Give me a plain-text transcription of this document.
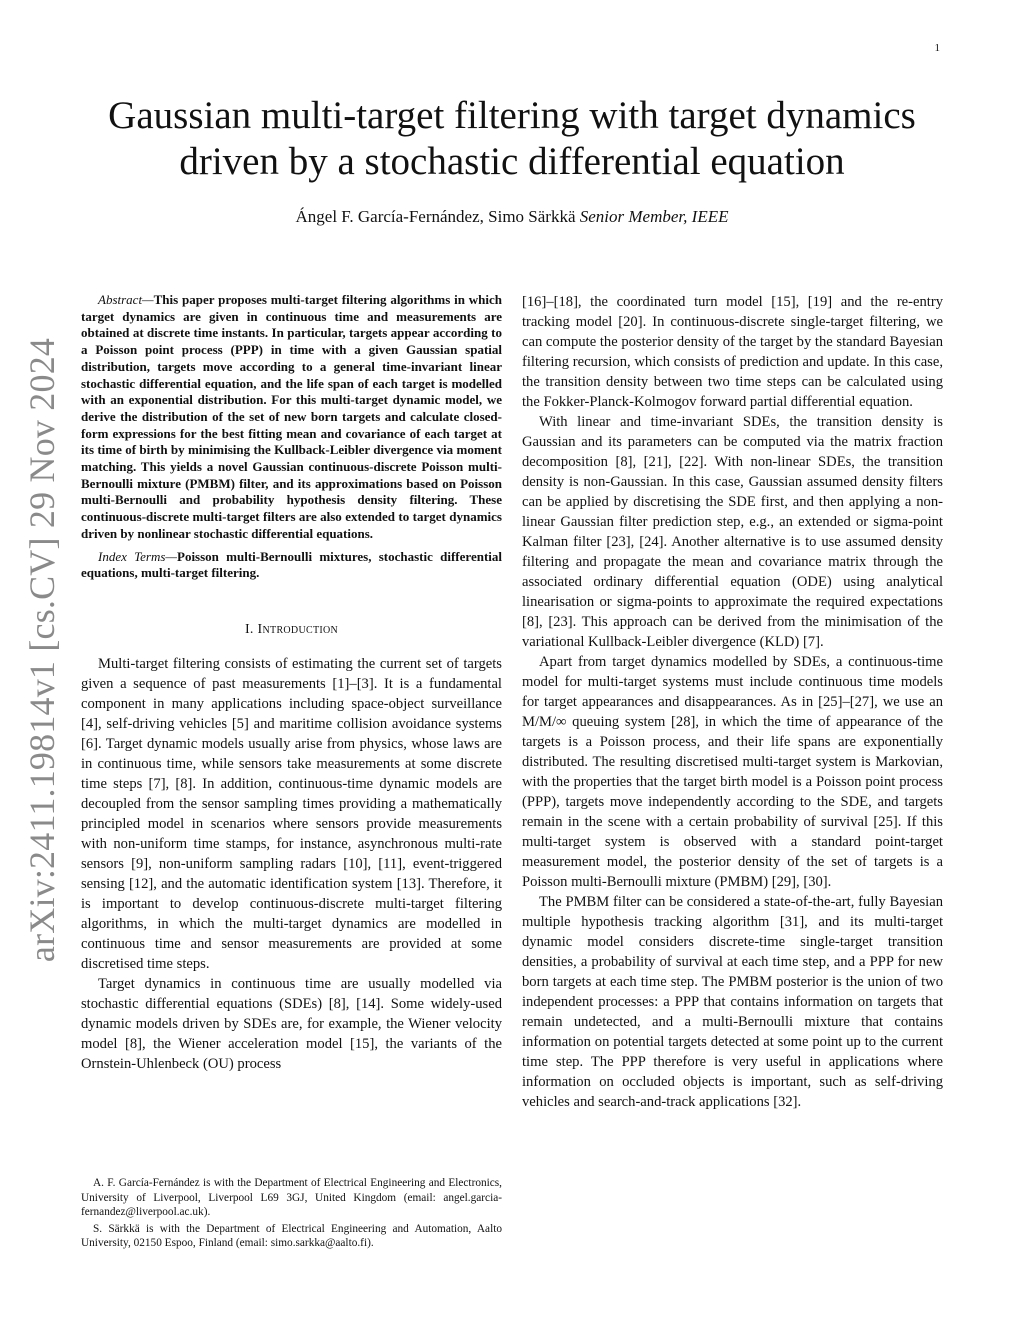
1
arXiv:2411.19814v1 [cs.CV] 29 Nov 2024
Gaussian multi-target filtering with target dynamics driven by a stochastic differential equation
Ángel F. García-Fernández, Simo Särkkä Senior Member, IEEE

Abstract—This paper proposes multi-target filtering algorithms in which target dynamics are given in continuous time and measurements are obtained at discrete time instants. In particular, targets appear according to a Poisson point process (PPP) in time with a given Gaussian spatial distribution, targets move according to a general time-invariant linear stochastic differential equation, and the life span of each target is modelled with an exponential distribution. For this multi-target dynamic model, we derive the distribution of the set of new born targets and calculate closed-form expressions for the best fitting mean and covariance of each target at its time of birth by minimising the Kullback-Leibler divergence via moment matching. This yields a novel Gaussian continuous-discrete Poisson multi-Bernoulli mixture (PMBM) filter, and its approximations based on Poisson multi-Bernoulli and probability hypothesis density filtering. These continuous-discrete multi-target filters are also extended to target dynamics driven by nonlinear stochastic differential equations.

Index Terms—Poisson multi-Bernoulli mixtures, stochastic differential equations, multi-target filtering.

I. Introduction

Multi-target filtering consists of estimating the current set of targets given a sequence of past measurements [1]–[3]. It is a fundamental component in many applications including space-object surveillance [4], self-driving vehicles [5] and maritime collision avoidance systems [6]. Target dynamic models usually arise from physics, whose laws are in continuous time, while sensors take measurements at some discrete time steps [7], [8]. In addition, continuous-time dynamic models are decoupled from the sensor sampling times providing a mathematically principled model in scenarios where sensors provide measurements with non-uniform time stamps, for instance, asynchronous multi-rate sensors [9], non-uniform sampling radars [10], [11], event-triggered sensing [12], and the automatic identification system [13]. Therefore, it is important to develop continuous-discrete multi-target filtering algorithms, in which the multi-target dynamics are modelled in continuous time and sensor measurements are provided at some discretised time steps.

Target dynamics in continuous time are usually modelled via stochastic differential equations (SDEs) [8], [14]. Some widely-used dynamic models driven by SDEs are, for example, the Wiener velocity model [8], the Wiener acceleration model [15], the variants of the Ornstein-Uhlenbeck (OU) process

A. F. García-Fernández is with the Department of Electrical Engineering and Electronics, University of Liverpool, Liverpool L69 3GJ, United Kingdom (email: angel.garcia-fernandez@liverpool.ac.uk).

S. Särkkä is with the Department of Electrical Engineering and Automation, Aalto University, 02150 Espoo, Finland (email: simo.sarkka@aalto.fi).

[16]–[18], the coordinated turn model [15], [19] and the re-entry tracking model [20]. In continuous-discrete single-target filtering, we can compute the posterior density of the target by the standard Bayesian filtering recursion, which consists of prediction and update. In this case, the transition density between two time steps can be calculated using the Fokker-Planck-Kolmogov forward partial differential equation.

With linear and time-invariant SDEs, the transition density is Gaussian and its parameters can be computed via the matrix fraction decomposition [8], [21], [22]. With non-linear SDEs, the transition density is non-Gaussian. In this case, Gaussian assumed density filters can be applied by discretising the SDE first, and then applying a non-linear Gaussian filter prediction step, e.g., an extended or sigma-point Kalman filter [23], [24]. Another alternative is to use assumed density filtering and propagate the mean and covariance matrix through the associated ordinary differential equation (ODE) using analytical linearisation or sigma-points to approximate the required expectations [8], [23]. This approach can be derived from the minimisation of the variational Kullback-Leibler divergence (KLD) [7].

Apart from target dynamics modelled by SDEs, a continuous-time model for multi-target systems must include continuous time models for target appearances and disappearances. As in [25]–[27], we use an M/M/∞ queuing system [28], in which the time of appearance of the targets is a Poisson process, and their life spans are exponentially distributed. The resulting discretised multi-target system is Markovian, with the properties that the target birth model is a Poisson point process (PPP), targets move independently according to the SDE, and targets remain in the scene with a certain probability of survival [25]. If this multi-target system is observed with a standard point-target measurement model, the posterior density of the set of targets is a Poisson multi-Bernoulli mixture (PMBM) [29], [30].

The PMBM filter can be considered a state-of-the-art, fully Bayesian multiple hypothesis tracking algorithm [31], and its multi-target dynamic model considers discrete-time single-target transition densities, a probability of survival at each time step, and a PPP for new born targets at each time step. The PMBM posterior is the union of two independent processes: a PPP that contains information on targets that remain undetected, and a multi-Bernoulli mixture that contains information on potential targets detected at some point up to the current time step. The PPP therefore is very useful in applications where information on occluded objects is important, such as self-driving vehicles and search-and-track applications [32].
